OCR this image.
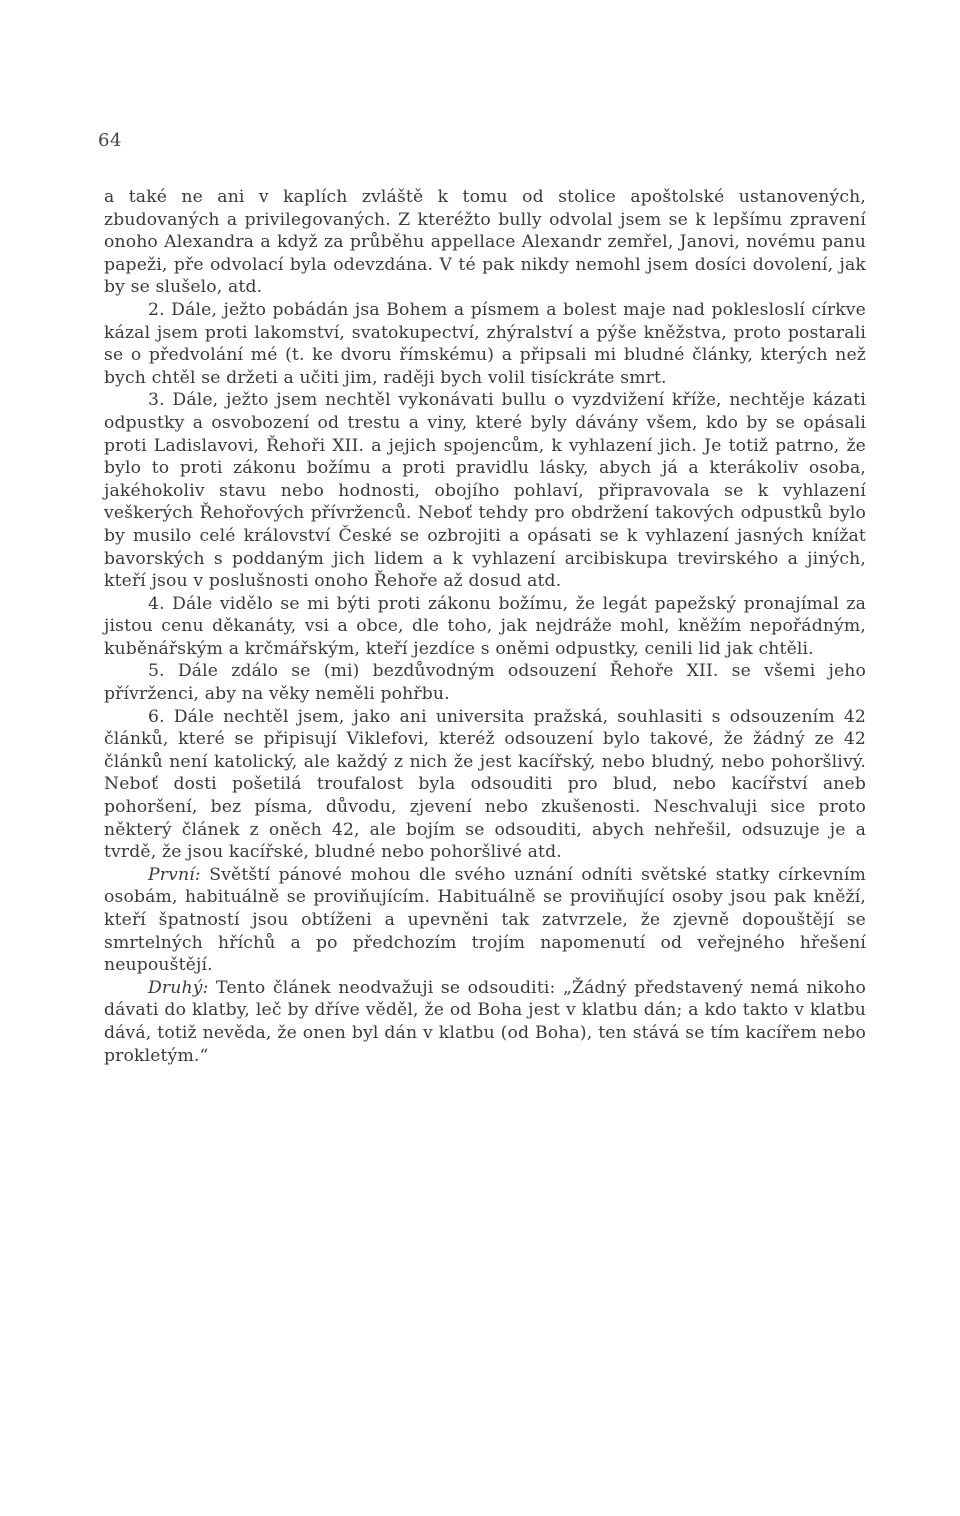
64

a také ne ani v kaplích zvláště k tomu od stolice apoštolské ustanovených, zbudovaných a privilegovaných. Z kteréžto bully odvolal jsem se k lepšímu zpravení onoho Alexandra a když za průběhu appellace Alexandr zemřel, Janovi, novému panu papeži, pře odvolací byla odevzdána. V té pak nikdy nemohl jsem dosíci dovolení, jak by se slušelo, atd.

2. Dále, ježto pobádán jsa Bohem a písmem a bolest maje nad poklesloslí církve kázal jsem proti lakomství, svatokupectví, zhýralství a pýše kněžstva, proto postarali se o předvolání mé (t. ke dvoru římskému) a připsali mi bludné články, kterých než bych chtěl se držeti a učiti jim, raději bych volil tisíckráte smrt.

3. Dále, ježto jsem nechtěl vykonávati bullu o vyzdvižení kříže, nechtěje kázati odpustky a osvobození od trestu a viny, které byly dávány všem, kdo by se opásali proti Ladislavovi, Řehoři XII. a jejich spojencům, k vyhlazení jich. Je totiž patrno, že bylo to proti zákonu božímu a proti pravidlu lásky, abych já a kterákoliv osoba, jakéhokoliv stavu nebo hodnosti, obojího pohlaví, připravovala se k vyhlazení veškerých Řehořových přívrženců. Neboť tehdy pro obdržení takových odpustků bylo by musilo celé království České se ozbrojiti a opásati se k vyhlazení jasných knížat bavorských s poddaným jich lidem a k vyhlazení arcibiskupa trevirského a jiných, kteří jsou v poslušnosti onoho Řehoře až dosud atd.

4. Dále vidělo se mi býti proti zákonu božímu, že legát papežský pronajímal za jistou cenu děkanáty, vsi a obce, dle toho, jak nejdráže mohl, kněžím nepořádným, kuběnářským a krčmářským, kteří jezdíce s oněmi odpustky, cenili lid jak chtěli.

5. Dále zdálo se (mi) bezdůvodným odsouzení Řehoře XII. se všemi jeho přívrženci, aby na věky neměli pohřbu.

6. Dále nechtěl jsem, jako ani universita pražská, souhlasiti s odsouzením 42 článků, které se připisují Viklefovi, kteréž odsouzení bylo takové, že žádný ze 42 článků není katolický, ale každý z nich že jest kacířský, nebo bludný, nebo pohoršlivý. Neboť dosti pošetilá troufalost byla odsouditi pro blud, nebo kacířství aneb pohoršení, bez písma, důvodu, zjevení nebo zkušenosti. Neschvaluji sice proto některý článek z oněch 42, ale bojím se odsouditi, abych nehřešil, odsuzuje je a tvrdě, že jsou kacířské, bludné nebo pohoršlivé atd.

První: Světští pánové mohou dle svého uznání odníti světské statky církevním osobám, habituálně se proviňujícím. Habituálně se proviňující osoby jsou pak kněží, kteří špatností jsou obtíženi a upevněni tak zatvrzele, že zjevně dopouštějí se smrtelných hříchů a po předchozím trojím napomenutí od veřejného hřešení neupouštějí.

Druhý: Tento článek neodvažuji se odsouditi: „Žádný představený nemá nikoho dávati do klatby, leč by dříve věděl, že od Boha jest v klatbu dán; a kdo takto v klatbu dává, totiž nevěda, že onen byl dán v klatbu (od Boha), ten stává se tím kacířem nebo prokletým.“
